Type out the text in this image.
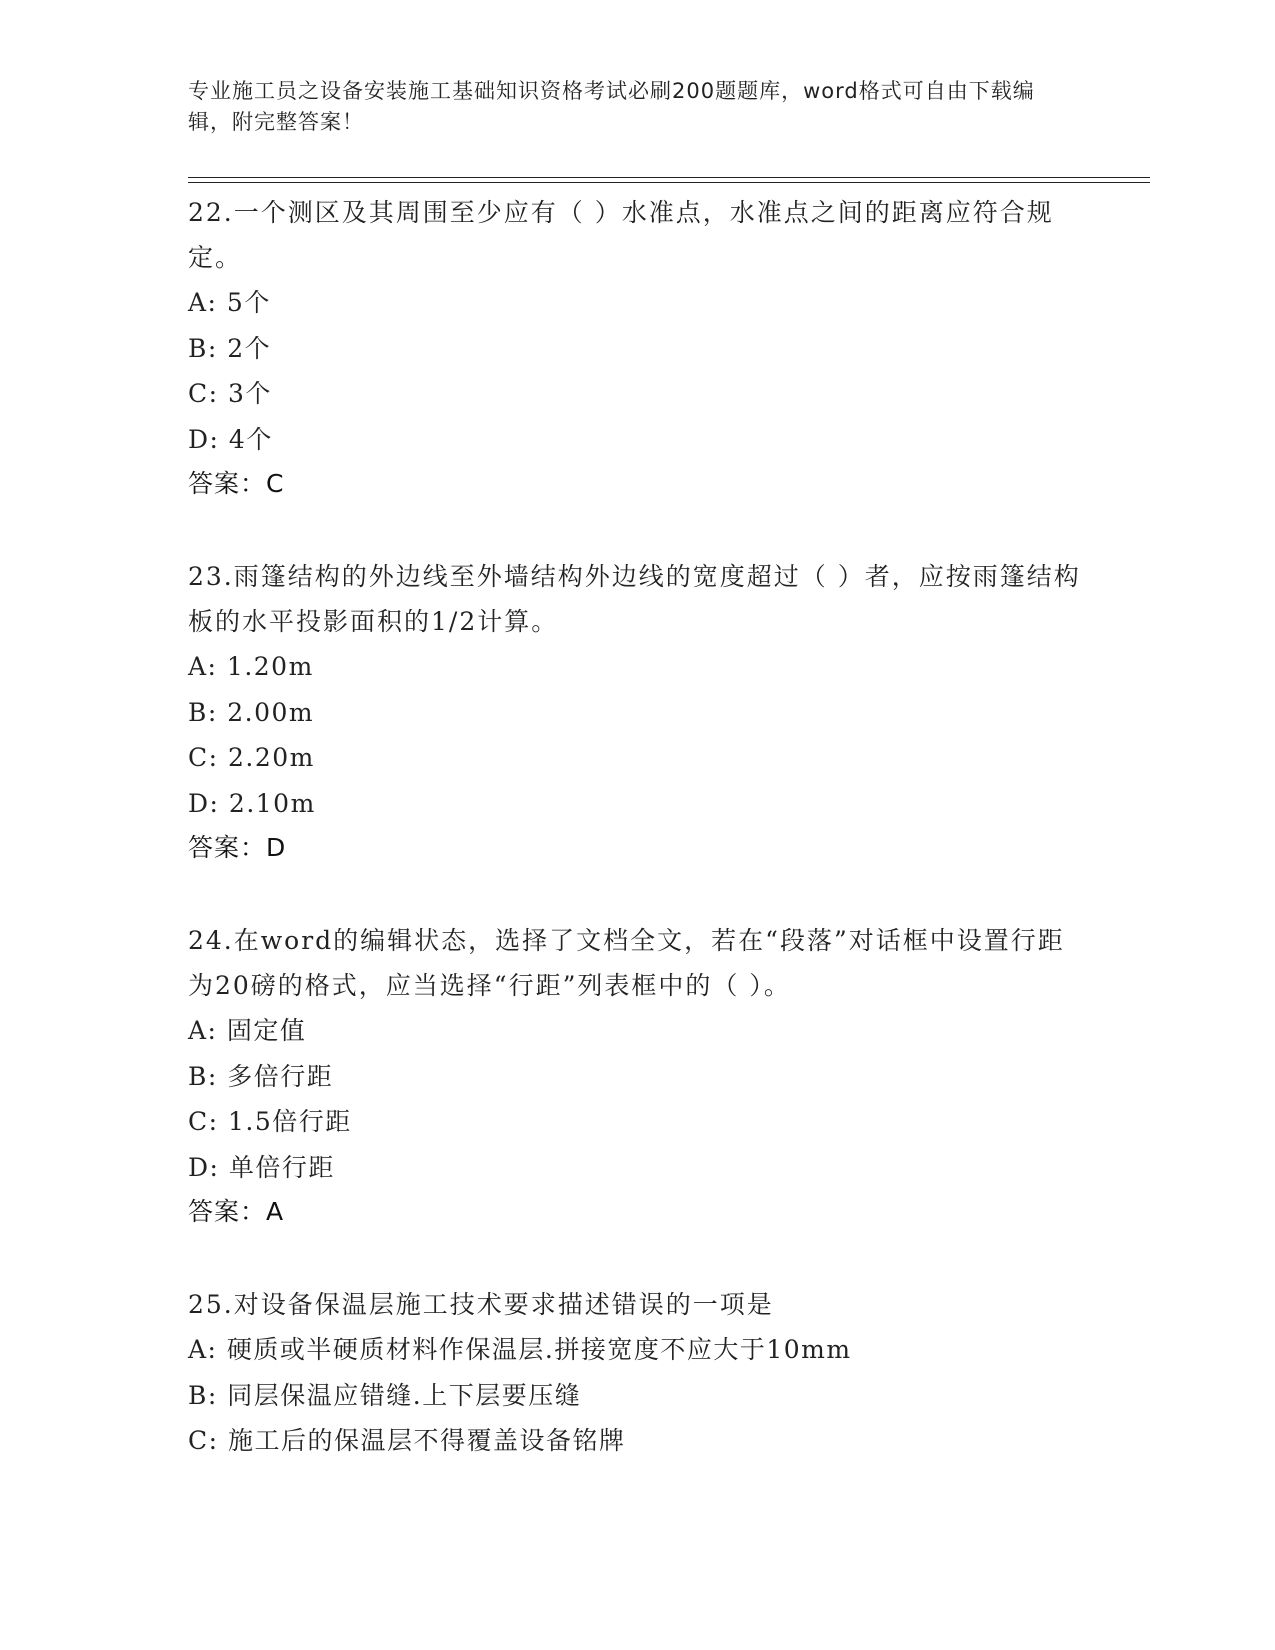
专业施工员之设备安装施工基础知识资格考试必刷200题题库，word格式可自由下载编辑，附完整答案！

22.一个测区及其周围至少应有（ ）水准点，水准点之间的距离应符合规定。

A: 5个

B: 2个

C: 3个

D: 4个

答案：C

23.雨篷结构的外边线至外墙结构外边线的宽度超过（ ）者，应按雨篷结构板的水平投影面积的1/2计算。

A: 1.20m

B: 2.00m

C: 2.20m

D: 2.10m

答案：D

24.在word的编辑状态，选择了文档全文，若在“段落”对话框中设置行距为20磅的格式，应当选择“行距”列表框中的（ ）。

A: 固定值

B: 多倍行距

C: 1.5倍行距

D: 单倍行距

答案：A

25.对设备保温层施工技术要求描述错误的一项是

A: 硬质或半硬质材料作保温层.拼接宽度不应大于10mm

B: 同层保温应错缝.上下层要压缝

C: 施工后的保温层不得覆盖设备铭牌
